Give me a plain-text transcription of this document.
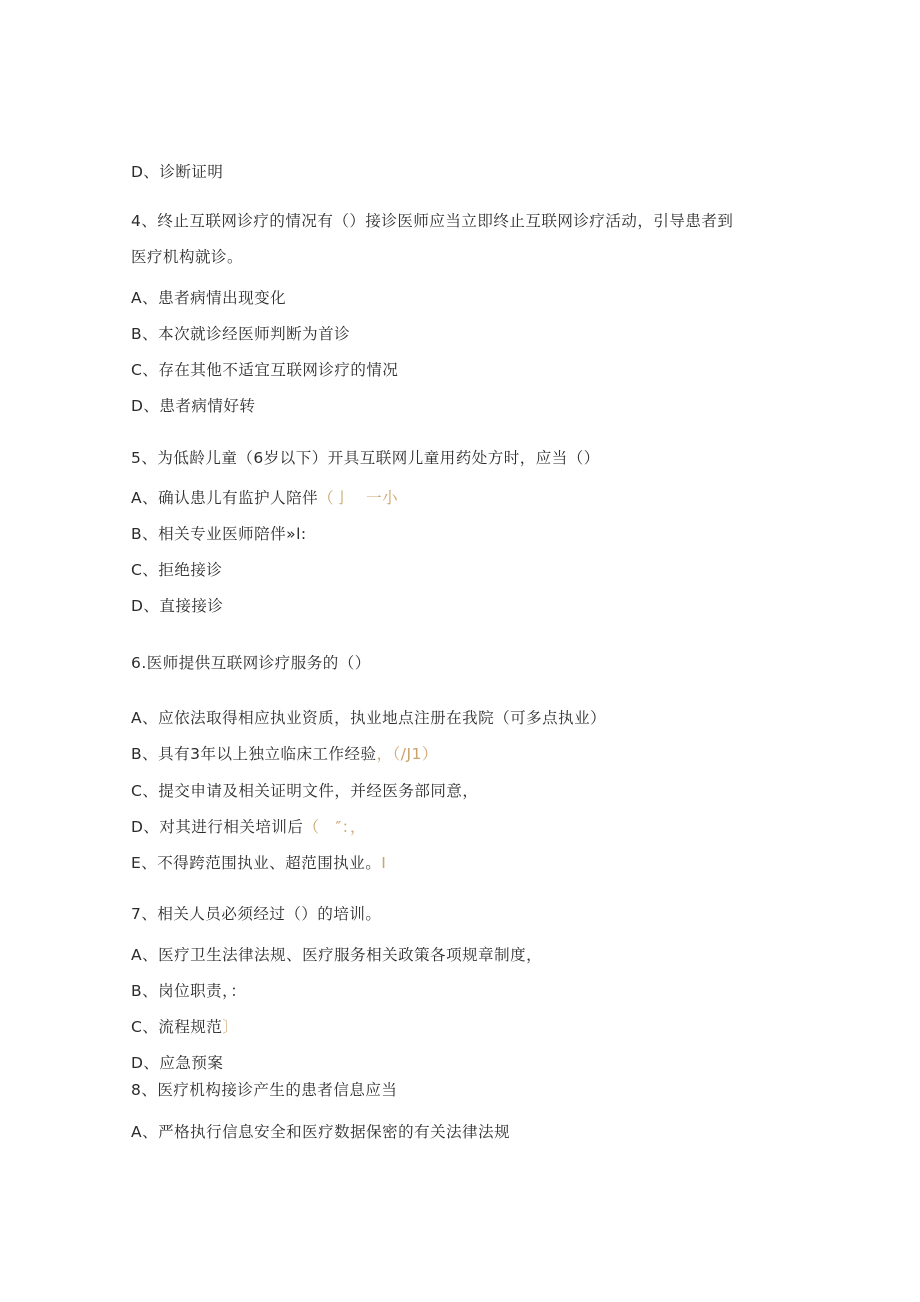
D、诊断证明

4、终止互联网诊疗的情况有（）接诊医师应当立即终止互联网诊疗活动，引导患者到

医疗机构就诊。

A、患者病情出现变化

B、本次就诊经医师判断为首诊

C、存在其他不适宜互联网诊疗的情况

D、患者病情好转

5、为低龄儿童（6岁以下）开具互联网儿童用药处方时，应当（）

A、确认患儿有监护人陪伴（亅　一小

B、相关专业医师陪伴»l:

C、拒绝接诊

D、直接接诊

6.医师提供互联网诊疗服务的（）

A、应依法取得相应执业资质，执业地点注册在我院（可多点执业）

B、具有3年以上独立临床工作经验，（/J1）

C、提交申请及相关证明文件，并经医务部同意，

D、对其进行相关培训后（　″：，

E、不得跨范围执业、超范围执业。I

7、相关人员必须经过（）的培训。

A、医疗卫生法律法规、医疗服务相关政策各项规章制度，

B、岗位职责，：

C、流程规范〕

D、应急预案

8、医疗机构接诊产生的患者信息应当

A、严格执行信息安全和医疗数据保密的有关法律法规
